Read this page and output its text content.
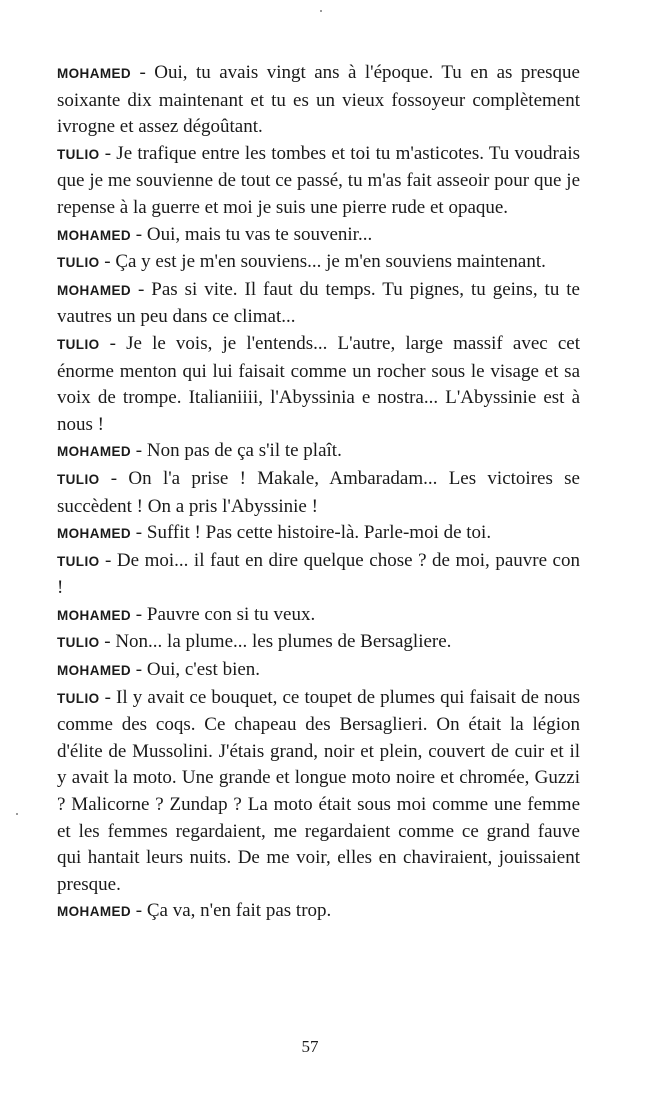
MOHAMED - Oui, tu avais vingt ans à l'époque. Tu en as presque soixante dix maintenant et tu es un vieux fossoyeur complètement ivrogne et assez dégoûtant.

TULIO - Je trafique entre les tombes et toi tu m'asticotes. Tu voudrais que je me souvienne de tout ce passé, tu m'as fait asseoir pour que je repense à la guerre et moi je suis une pierre rude et opaque.

MOHAMED - Oui, mais tu vas te souvenir...

TULIO - Ça y est je m'en souviens... je m'en souviens maintenant.

MOHAMED - Pas si vite. Il faut du temps. Tu pignes, tu geins, tu te vautres un peu dans ce climat...

TULIO - Je le vois, je l'entends... L'autre, large massif avec cet énorme menton qui lui faisait comme un rocher sous le visage et sa voix de trompe. Italianiiii, l'Abyssinia e nostra... L'Abyssinie est à nous !

MOHAMED - Non pas de ça s'il te plaît.

TULIO - On l'a prise ! Makale, Ambaradam... Les victoires se succèdent ! On a pris l'Abyssinie !

MOHAMED - Suffit ! Pas cette histoire-là. Parle-moi de toi.

TULIO - De moi... il faut en dire quelque chose ? de moi, pauvre con !

MOHAMED - Pauvre con si tu veux.

TULIO - Non... la plume... les plumes de Bersagliere.

MOHAMED - Oui, c'est bien.

TULIO - Il y avait ce bouquet, ce toupet de plumes qui faisait de nous comme des coqs. Ce chapeau des Bersaglieri. On était la légion d'élite de Mussolini. J'étais grand, noir et plein, couvert de cuir et il y avait la moto. Une grande et longue moto noire et chromée, Guzzi ? Malicorne ? Zundap ? La moto était sous moi comme une femme et les femmes regardaient, me regardaient comme ce grand fauve qui hantait leurs nuits. De me voir, elles en chaviraient, jouissaient presque.

MOHAMED - Ça va, n'en fait pas trop.

57
